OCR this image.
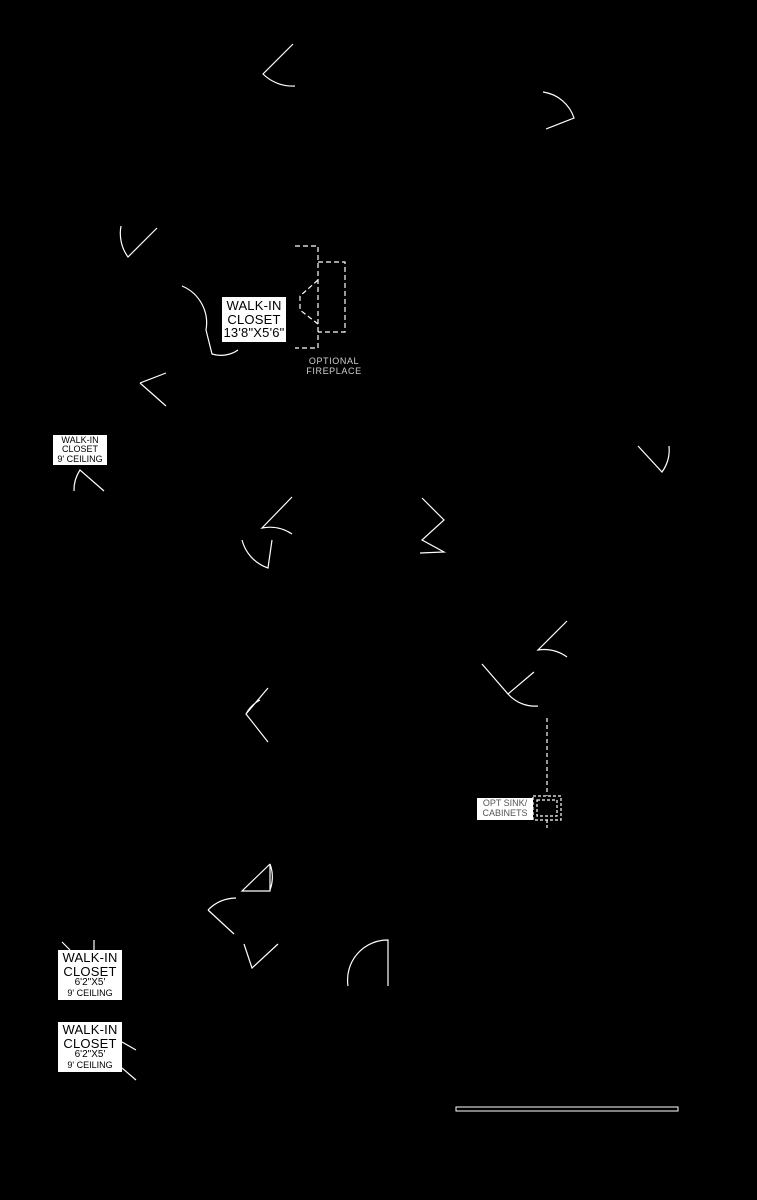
WALK-IN
CLOSET
13'8"X5'6"
OPTIONAL
FIREPLACE
WALK-IN
CLOSET
9' CEILING
OPT SINK/
CABINETS
WALK-IN
CLOSET
6'2"X5'
9' CEILING
WALK-IN
CLOSET
6'2"X5'
9' CEILING
